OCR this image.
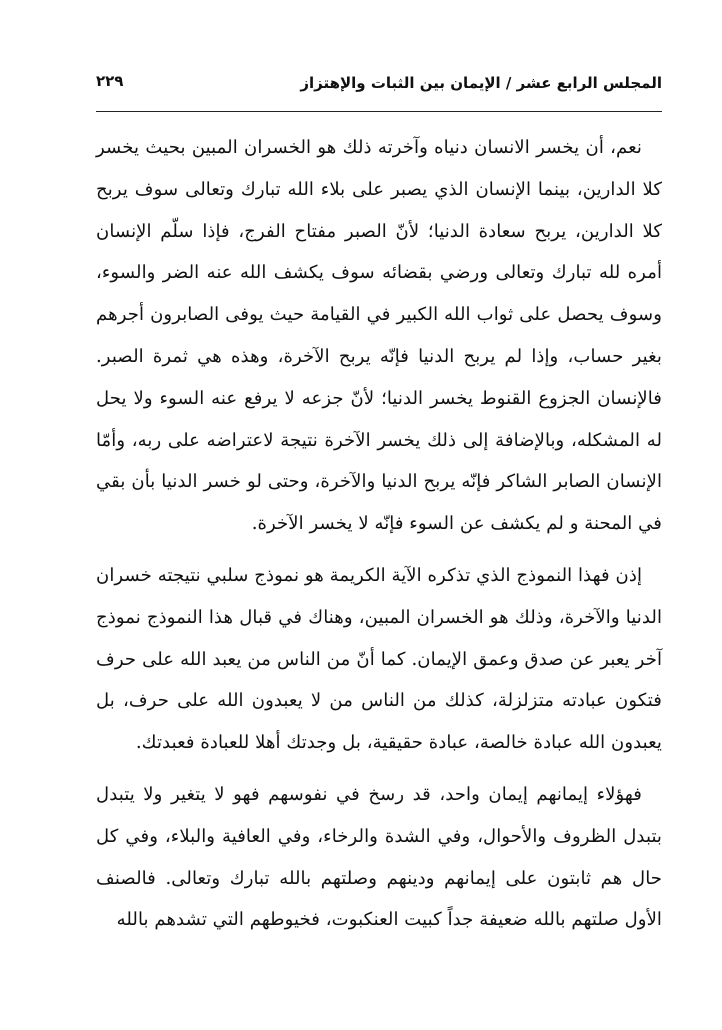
المجلس الرابع عشر / الإيمان بين الثبات والإهتزاز
٢٢٩

نعم، أن يخسر الانسان دنياه وآخرته ذلك هو الخسران المبين بحيث يخسر كلا الدارين، بينما الإنسان الذي يصبر على بلاء الله تبارك وتعالى سوف يربح كلا الدارين، يربح سعادة الدنيا؛ لأنّ الصبر مفتاح الفرج، فإذا سلّم الإنسان أمره لله تبارك وتعالى ورضي بقضائه سوف يكشف الله عنه الضر والسوء، وسوف يحصل على ثواب الله الكبير في القيامة حيث يوفى الصابرون أجرهم بغير حساب، وإذا لم يربح الدنيا فإنّه يربح الآخرة، وهذه هي ثمرة الصبر. فالإنسان الجزوع القنوط يخسر الدنيا؛ لأنّ جزعه لا يرفع عنه السوء ولا يحل له المشكله، وبالإضافة إلى ذلك يخسر الآخرة نتيجة لاعتراضه على ربه، وأمّا الإنسان الصابر الشاكر فإنّه يربح الدنيا والآخرة، وحتى لو خسر الدنيا بأن بقي في المحنة و لم يكشف عن السوء فإنّه لا يخسر الآخرة.

إذن فهذا النموذج الذي تذكره الآية الكريمة هو نموذج سلبي نتيجته خسران الدنيا والآخرة، وذلك هو الخسران المبين، وهناك في قبال هذا النموذج نموذج آخر يعبر عن صدق وعمق الإيمان. كما أنّ من الناس من يعبد الله على حرف فتكون عبادته متزلزلة، كذلك من الناس من لا يعبدون الله على حرف، بل يعبدون الله عبادة خالصة، عبادة حقيقية، بل وجدتك أهلا للعبادة فعبدتك.

فهؤلاء إيمانهم إيمان واحد، قد رسخ في نفوسهم فهو لا يتغير ولا يتبدل بتبدل الظروف والأحوال، وفي الشدة والرخاء، وفي العافية والبلاء، وفي كل حال هم ثابتون على إيمانهم ودينهم وصلتهم بالله تبارك وتعالى. فالصنف الأول صلتهم بالله ضعيفة جداً كبيت العنكبوت، فخيوطهم التي تشدهم بالله
